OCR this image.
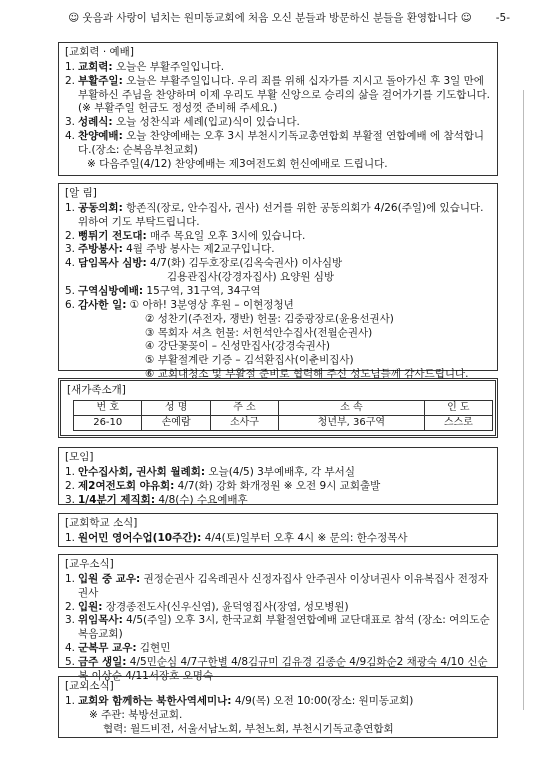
☺ 웃음과 사랑이 넘치는 원미동교회에 처음 오신 분들과 방문하신 분들을 환영합니다 ☺ -5-
[교회력 · 예배]
1. 교회력: 오늘은 부활주일입니다.
2. 부활주일: 오늘은 부활주일입니다. 우리 죄를 위해 십자가를 지시고 돌아가신 후 3일 만에 부활하신 주님을 찬양하며 이제 우리도 부활 신앙으로 승리의 삶을 걸어가기를 기도합니다.(※ 부활주일 헌금도 정성껏 준비해 주세요.)
3. 성례식: 오늘 성찬식과 세례(입교)식이 있습니다.
4. 찬양예배: 오늘 찬양예배는 오후 3시 부천시기독교총연합회 부활절 연합예배 에 참석합니다.(장소: 순복음부천교회)
※ 다음주일(4/12) 찬양예배는 제3여전도회 헌신예배로 드립니다.
[알 림]
1. 공동의회: 항존직(장로, 안수집사, 권사) 선거를 위한 공동의회가 4/26(주일)에 있습니다. 위하여 기도 부탁드립니다.
2. 뻥튀기 전도대: 매주 목요일 오후 3시에 있습니다.
3. 주방봉사: 4월 주방 봉사는 제2교구입니다.
4. 담임목사 심방: 4/7(화) 김두호장로(김옥숙권사) 이사심방
김용관집사(강경자집사) 요양원 심방
5. 구역심방예배: 15구역, 31구역, 34구역
6. 감사한 일: ① 아하! 3분영상 후원 – 이현정청년
② 성찬기(주전자, 쟁반) 헌물: 김중광장로(윤용선권사)
③ 목회자 셔츠 헌물: 서헌석안수집사(전월순권사)
④ 강단꽃꽂이 – 신성만집사(강경숙권사)
⑤ 부활절계란 기증 – 김석환집사(이춘비집사)
⑥ 교회대청소 및 부활절 준비로 협력해 주신 성도님들께 감사드립니다.
[새가족소개]
번 호	성 명	주 소	소 속	인 도
26-10	손예람	소사구	청년부, 36구역	스스로
[모임]
1. 안수집사회, 권사회 월례회: 오늘(4/5) 3부예배후, 각 부서실
2. 제2여전도회 야유회: 4/7(화) 강화 화개정원 ※ 오전 9시 교회출발
3. 1/4분기 제직회: 4/8(수) 수요예배후
[교회학교 소식]
1. 원어민 영어수업(10주간): 4/4(토)일부터 오후 4시 ※ 문의: 한수정목사
[교우소식]
1. 입원 중 교우: 권정순권사 김옥례권사 신정자집사 안주권사 이상녀권사 이유복집사 전정자권사
2. 입원: 장경종전도사(신우신염), 윤덕영집사(장염, 성모병원)
3. 위임목사: 4/5(주일) 오후 3시, 한국교회 부활절연합예배 교단대표로 참석 (장소: 여의도순복음교회)
4. 군복무 교우: 김현민
5. 금주 생일: 4/5민순심 4/7구한별 4/8김규미 김유경 김종순 4/9김화순2 채광숙 4/10 신순복 이상순 4/11서장호 오명숙
[교외소식]
1. 교회와 함께하는 북한사역세미나: 4/9(목) 오전 10:00(장소: 원미동교회)
※ 주관: 북방선교회.
협력: 월드비전, 서울서남노회, 부천노회, 부천시기독교총연합회
